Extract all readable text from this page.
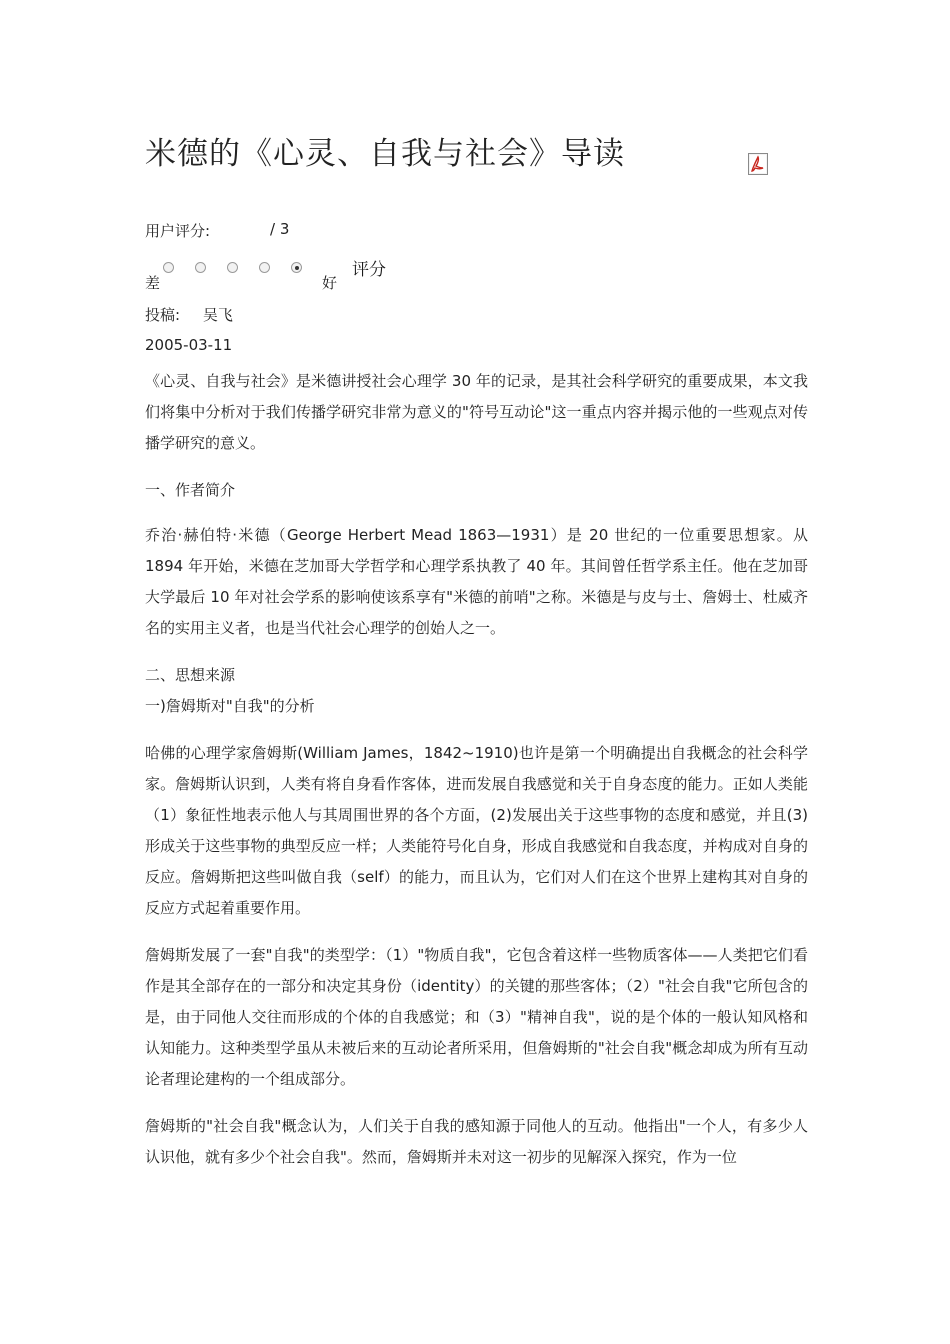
米德的《心灵、自我与社会》导读
用户评分:	/ 3
差	好
评分
投稿: 吴飞
2005-03-11

《心灵、自我与社会》是米德讲授社会心理学 30 年的记录，是其社会科学研究的重要成果，本文我们将集中分析对于我们传播学研究非常为意义的"符号互动论"这一重点内容并揭示他的一些观点对传播学研究的意义。

一、作者简介

乔治·赫伯特·米德（George Herbert Mead 1863—1931）是 20 世纪的一位重要思想家。从 1894 年开始，米德在芝加哥大学哲学和心理学系执教了 40 年。其间曾任哲学系主任。他在芝加哥大学最后 10 年对社会学系的影响使该系享有"米德的前哨"之称。米德是与皮与士、詹姆士、杜威齐名的实用主义者，也是当代社会心理学的创始人之一。

二、思想来源

一)詹姆斯对"自我"的分析

哈佛的心理学家詹姆斯(William James，1842~1910)也许是第一个明确提出自我概念的社会科学家。詹姆斯认识到，人类有将自身看作客体，进而发展自我感觉和关于自身态度的能力。正如人类能（1）象征性地表示他人与其周围世界的各个方面，(2)发展出关于这些事物的态度和感觉，并且(3)形成关于这些事物的典型反应一样；人类能符号化自身，形成自我感觉和自我态度，并构成对自身的反应。詹姆斯把这些叫做自我（self）的能力，而且认为，它们对人们在这个世界上建构其对自身的反应方式起着重要作用。

詹姆斯发展了一套"自我"的类型学：（1）"物质自我"，它包含着这样一些物质客体——人类把它们看作是其全部存在的一部分和决定其身份（identity）的关键的那些客体；（2）"社会自我"它所包含的是，由于同他人交往而形成的个体的自我感觉；和（3）"精神自我"，说的是个体的一般认知风格和认知能力。这种类型学虽从未被后来的互动论者所采用，但詹姆斯的"社会自我"概念却成为所有互动论者理论建构的一个组成部分。

詹姆斯的"社会自我"概念认为，人们关于自我的感知源于同他人的互动。他指出"一个人，有多少人认识他，就有多少个社会自我"。然而，詹姆斯并未对这一初步的见解深入探究，作为一位
